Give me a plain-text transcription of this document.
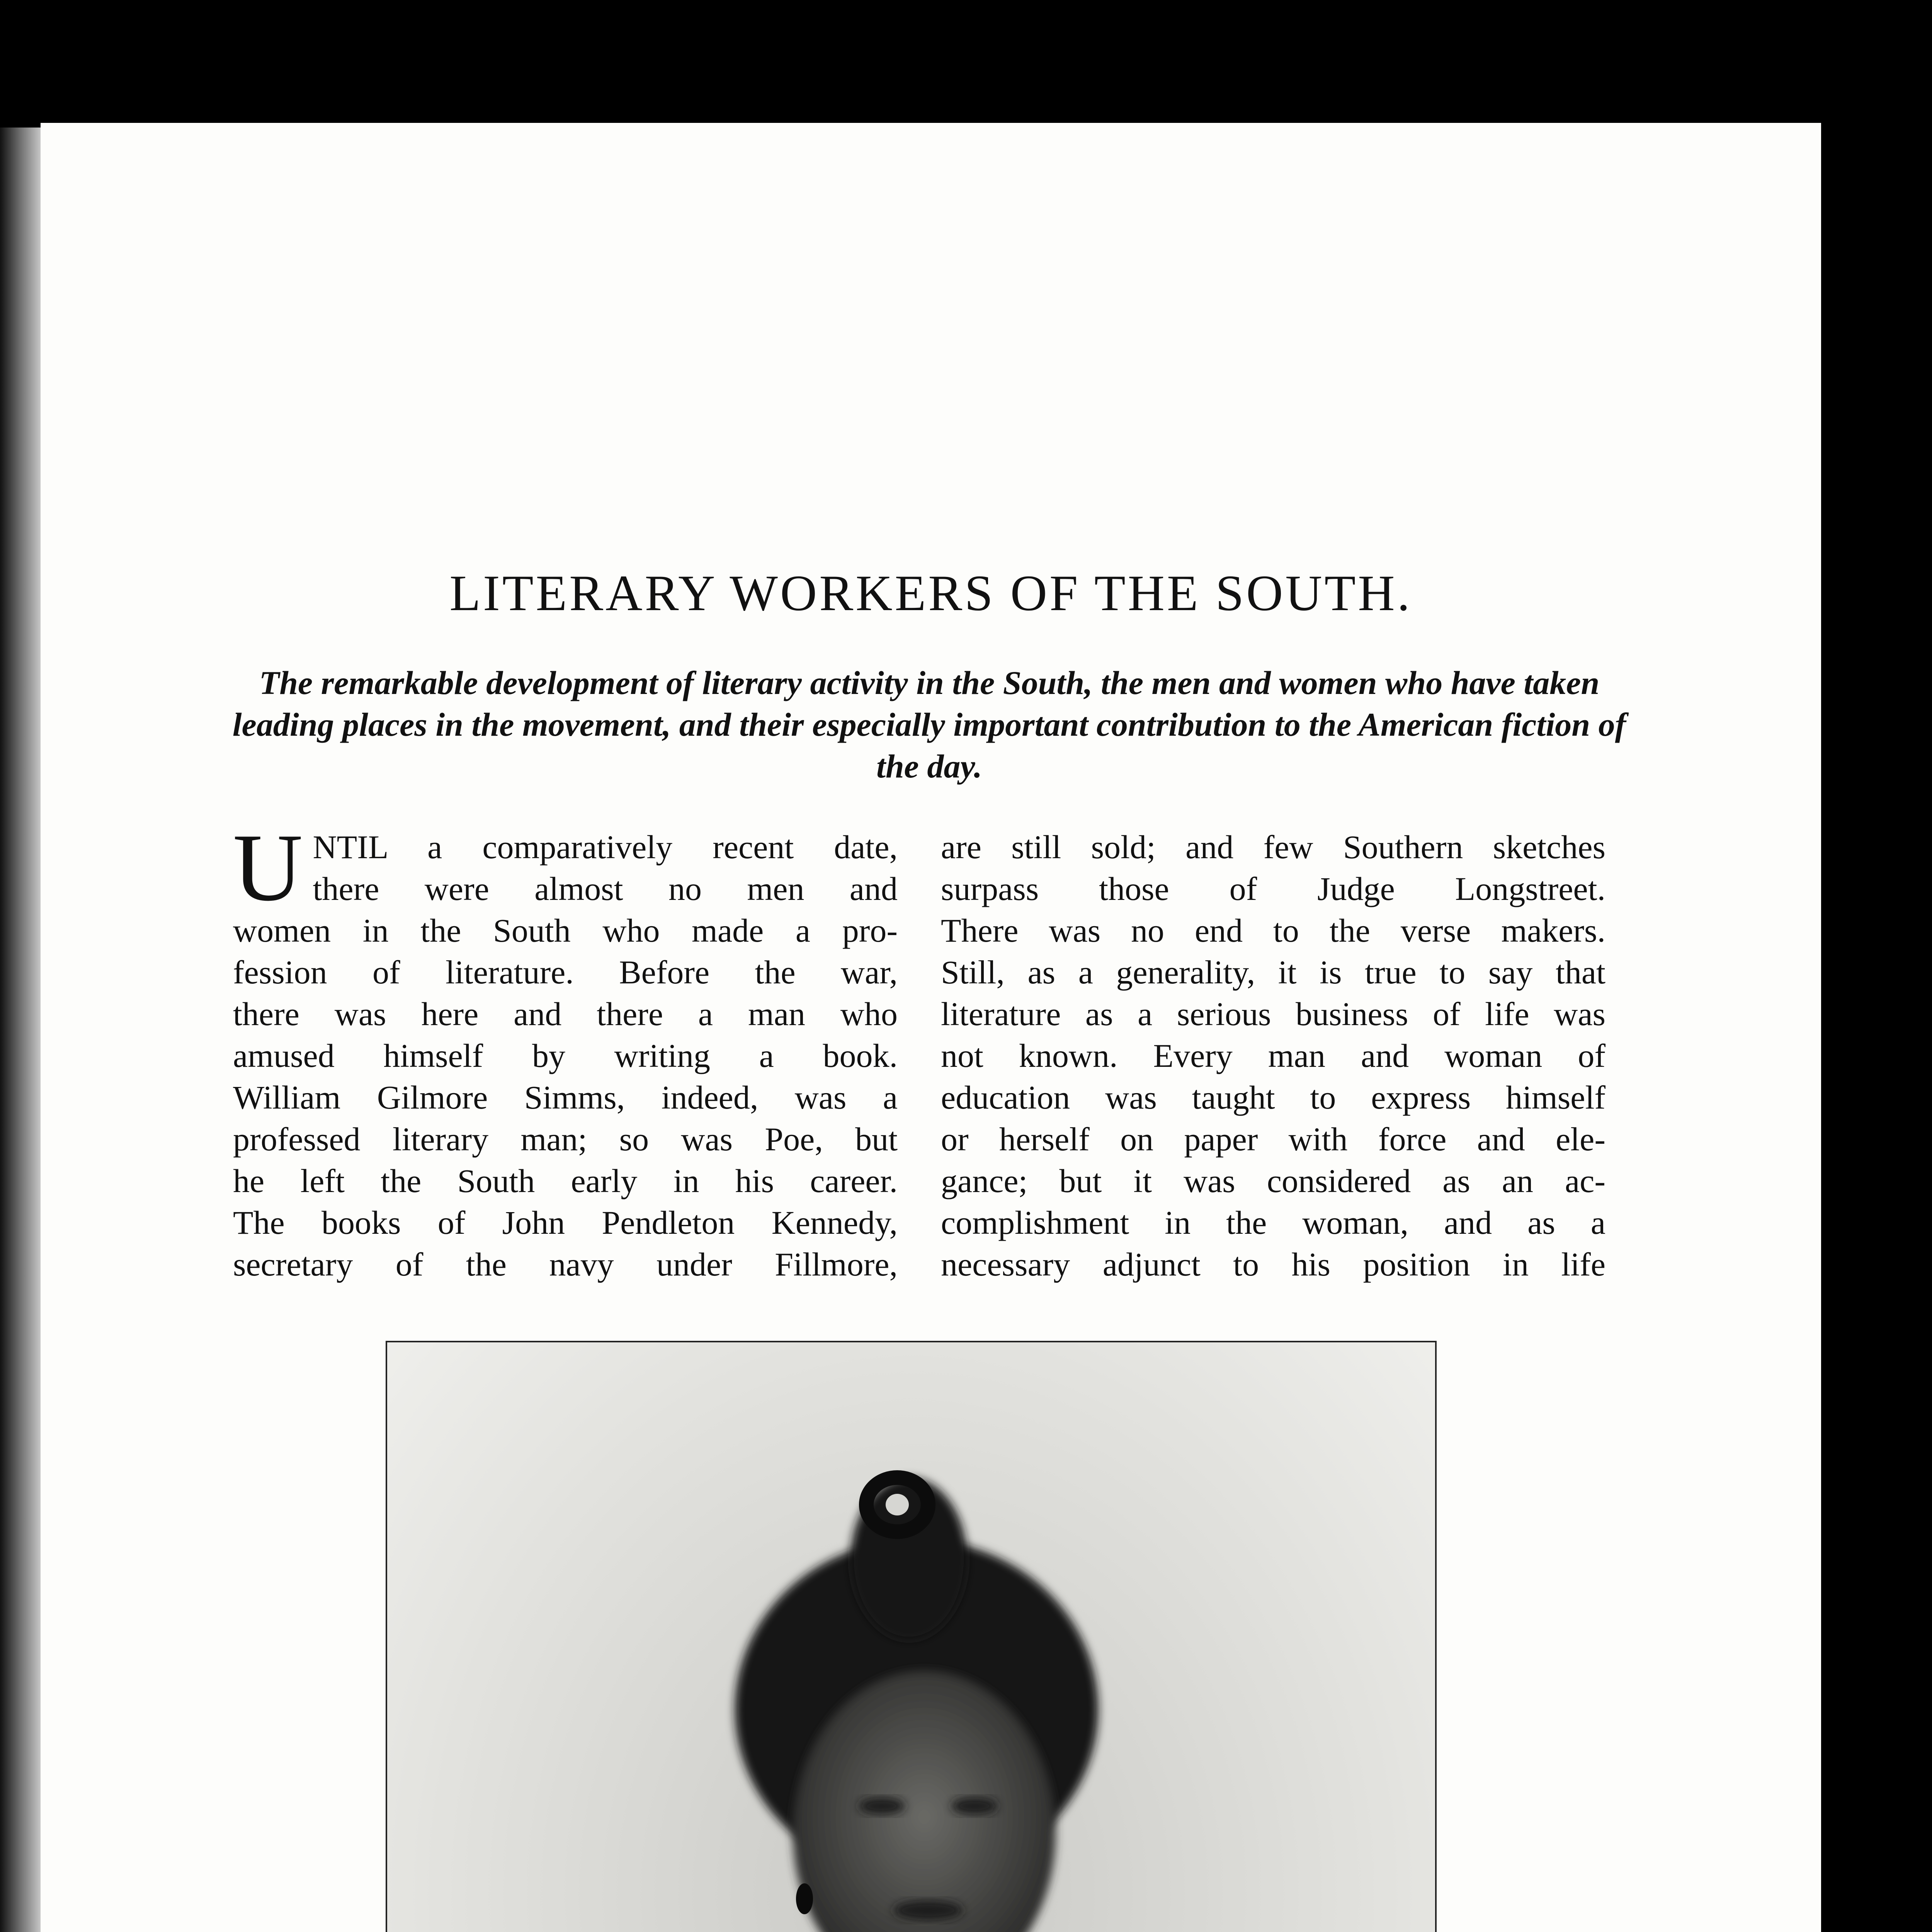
LITERARY WORKERS OF THE SOUTH.

The remarkable development of literary activity in the South, the men and women who have taken leading places in the movement, and their especially important contribution to the American fiction of the day.

U NTIL a comparatively recent date,
there were almost no men and
women in the South who made a pro-
fession of literature. Before the war,
there was here and there a man who
amused himself by writing a book.
William Gilmore Simms, indeed, was a
professed literary man; so was Poe, but
he left the South early in his career.
The books of John Pendleton Kennedy,
secretary of the navy under Fillmore,
are still sold; and few Southern sketches
surpass those of Judge Longstreet.
There was no end to the verse makers.
Still, as a generality, it is true to say that
literature as a serious business of life was
not known. Every man and woman of
education was taught to express himself
or herself on paper with force and ele-
gance; but it was considered as an ac-
complishment in the woman, and as a
necessary adjunct to his position in life
